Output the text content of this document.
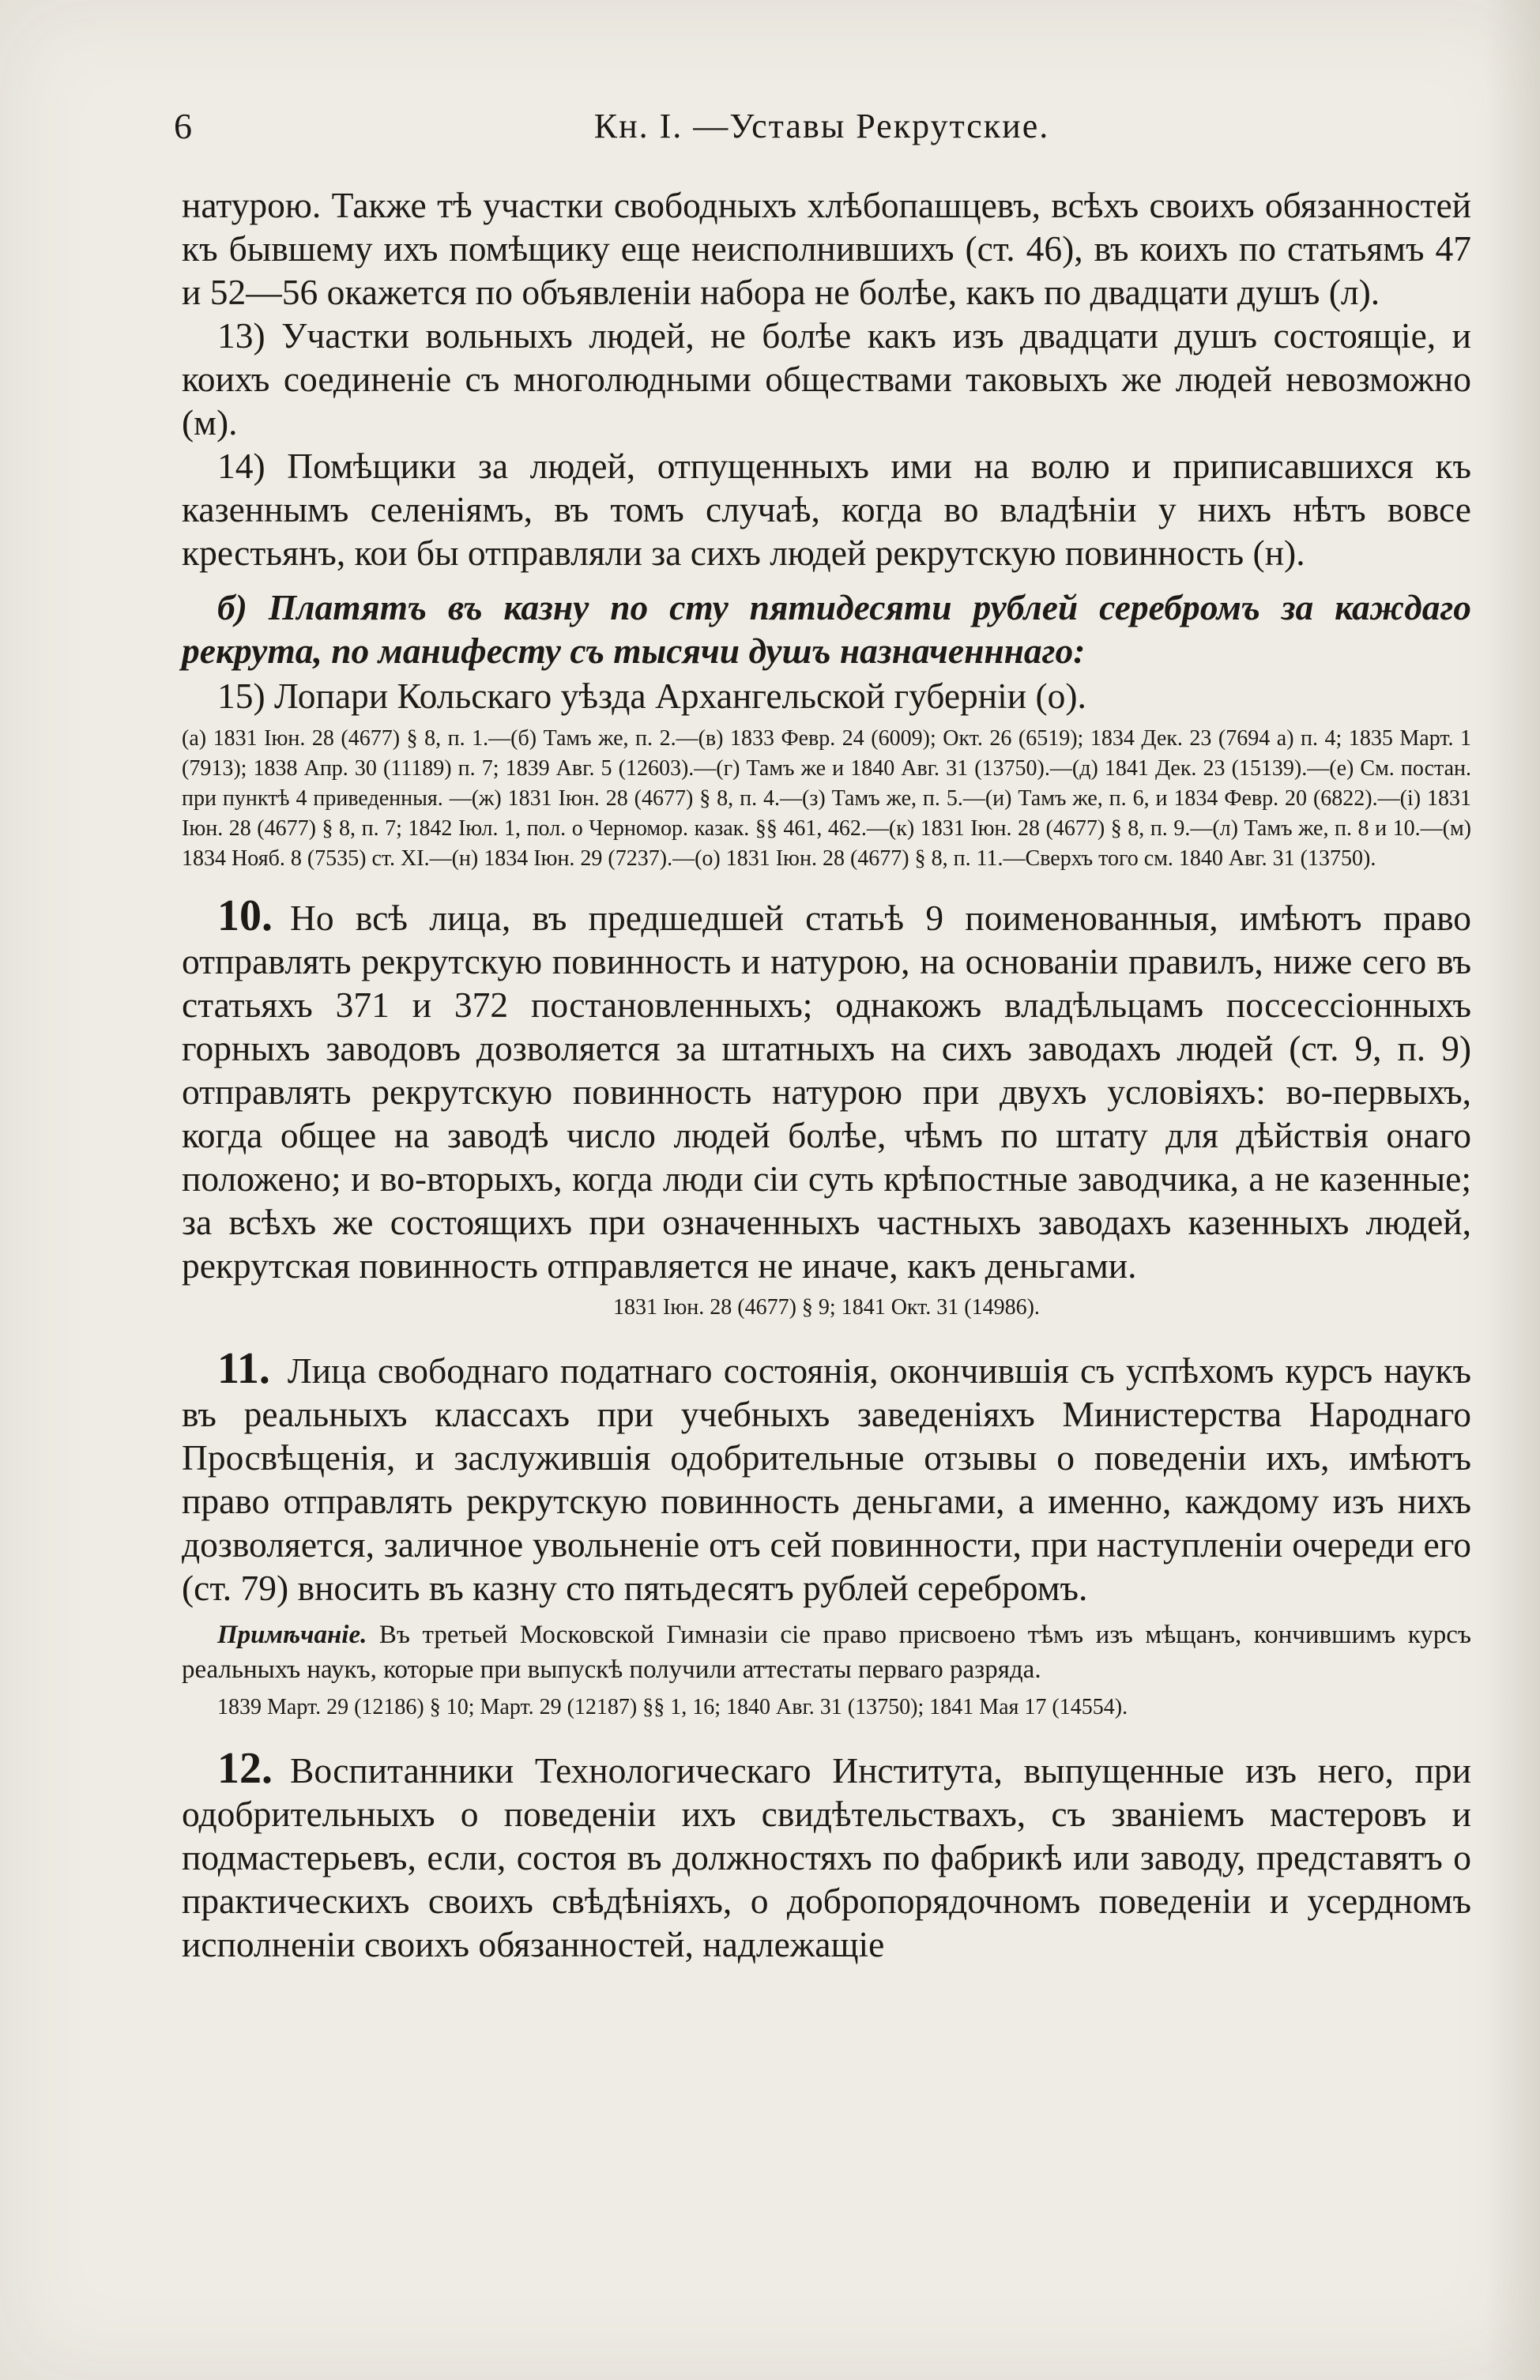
6	Кн. I. —Уставы Рекрутские.

натурою. Также тѣ участки свободныхъ хлѣбопашцевъ, всѣхъ своихъ обязанностей къ бывшему ихъ помѣщику еще неисполнившихъ (ст. 46), въ коихъ по статьямъ 47 и 52—56 окажется по объявленіи набора не болѣе, какъ по двадцати душъ (л).

13) Участки вольныхъ людей, не болѣе какъ изъ двадцати душъ состоящіе, и коихъ соединеніе съ многолюдными обществами таковыхъ же людей невозможно (м).

14) Помѣщики за людей, отпущенныхъ ими на волю и приписавшихся къ казеннымъ селеніямъ, въ томъ случаѣ, когда во владѣніи у нихъ нѣтъ вовсе крестьянъ, кои бы отправляли за сихъ людей рекрутскую повинность (н).

б) Платятъ въ казну по сту пятидесяти рублей серебромъ за каждаго рекрута, по манифесту съ тысячи душъ назначенннаго:

15) Лопари Кольскаго уѣзда Архангельской губерніи (о).

(а) 1831 Іюн. 28 (4677) § 8, п. 1.—(б) Тамъ же, п. 2.—(в) 1833 Февр. 24 (6009); Окт. 26 (6519); 1834 Дек. 23 (7694 а) п. 4; 1835 Март. 1 (7913); 1838 Апр. 30 (11189) п. 7; 1839 Авг. 5 (12603).—(г) Тамъ же и 1840 Авг. 31 (13750).—(д) 1841 Дек. 23 (15139).—(е) См. постан. при пунктѣ 4 приведенныя. —(ж) 1831 Іюн. 28 (4677) § 8, п. 4.—(з) Тамъ же, п. 5.—(и) Тамъ же, п. 6, и 1834 Февр. 20 (6822).—(і) 1831 Іюн. 28 (4677) § 8, п. 7; 1842 Іюл. 1, пол. о Черномор. казак. §§ 461, 462.—(к) 1831 Іюн. 28 (4677) § 8, п. 9.—(л) Тамъ же, п. 8 и 10.—(м) 1834 Нояб. 8 (7535) ст. XI.—(н) 1834 Іюн. 29 (7237).—(о) 1831 Іюн. 28 (4677) § 8, п. 11.—Сверхъ того см. 1840 Авг. 31 (13750).

10. Но всѣ лица, въ предшедшей статьѣ 9 поименованныя, имѣютъ право отправлять рекрутскую повинность и натурою, на основаніи правилъ, ниже сего въ статьяхъ 371 и 372 постановленныхъ; однакожъ владѣльцамъ поссессіонныхъ горныхъ заводовъ дозволяется за штатныхъ на сихъ заводахъ людей (ст. 9, п. 9) отправлять рекрутскую повинность натурою при двухъ условіяхъ: во-первыхъ, когда общее на заводѣ число людей болѣе, чѣмъ по штату для дѣйствія онаго положено; и во-вторыхъ, когда люди сіи суть крѣпостные заводчика, а не казенные; за всѣхъ же состоящихъ при означенныхъ частныхъ заводахъ казенныхъ людей, рекрутская повинность отправляется не иначе, какъ деньгами.

1831 Іюн. 28 (4677) § 9; 1841 Окт. 31 (14986).

11. Лица свободнаго податнаго состоянія, окончившія съ успѣхомъ курсъ наукъ въ реальныхъ классахъ при учебныхъ заведеніяхъ Министерства Народнаго Просвѣщенія, и заслужившія одобрительные отзывы о поведеніи ихъ, имѣютъ право отправлять рекрутскую повинность деньгами, а именно, каждому изъ нихъ дозволяется, заличное увольненіе отъ сей повинности, при наступленіи очереди его (ст. 79) вносить въ казну сто пятьдесятъ рублей серебромъ.

Примѣчаніе. Въ третьей Московской Гимназіи сіе право присвоено тѣмъ изъ мѣщанъ, кончившимъ курсъ реальныхъ наукъ, которые при выпускѣ получили аттестаты перваго разряда.

1839 Март. 29 (12186) § 10; Март. 29 (12187) §§ 1, 16; 1840 Авг. 31 (13750); 1841 Мая 17 (14554).

12. Воспитанники Технологическаго Института, выпущенные изъ него, при одобрительныхъ о поведеніи ихъ свидѣтельствахъ, съ званіемъ мастеровъ и подмастерьевъ, если, состоя въ должностяхъ по фабрикѣ или заводу, представятъ о практическихъ своихъ свѣдѣніяхъ, о добропорядочномъ поведеніи и усердномъ исполненіи своихъ обязанностей, надлежащіе
